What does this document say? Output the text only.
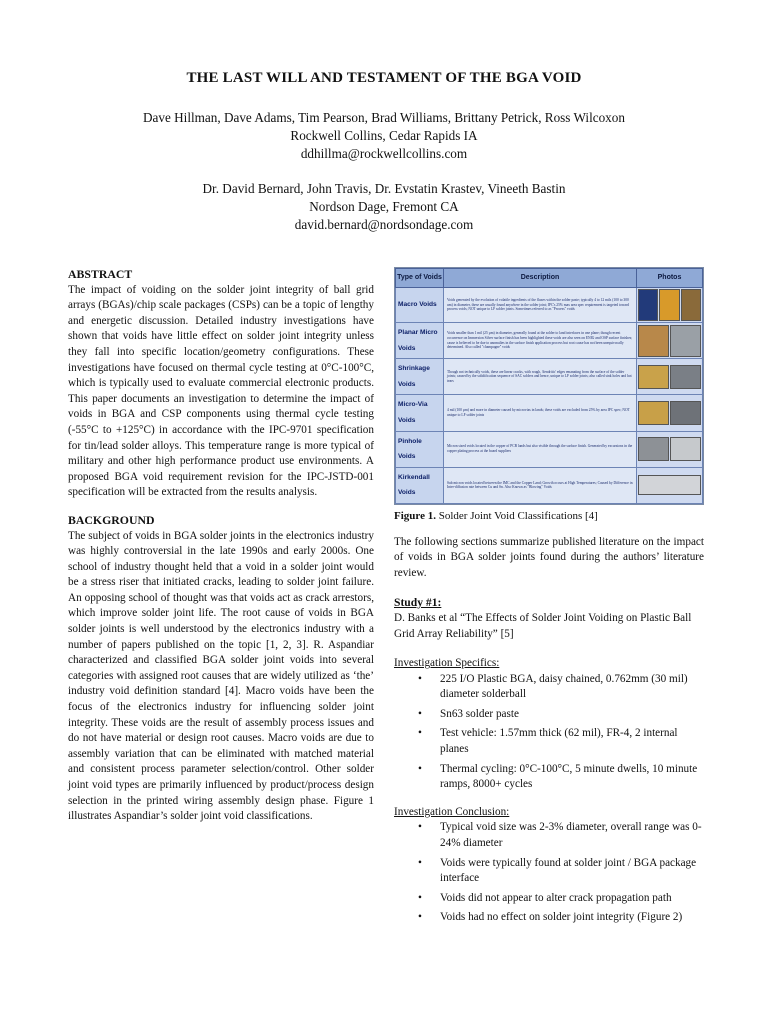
THE LAST WILL AND TESTAMENT OF THE BGA VOID
Dave Hillman, Dave Adams, Tim Pearson, Brad Williams, Brittany Petrick, Ross Wilcoxon
Rockwell Collins, Cedar Rapids IA
ddhillma@rockwellcollins.com
Dr. David Bernard, John Travis, Dr. Evstatin Krastev, Vineeth Bastin
Nordson Dage, Fremont CA
david.bernard@nordsondage.com
ABSTRACT
The impact of voiding on the solder joint integrity of ball grid arrays (BGAs)/chip scale packages (CSPs) can be a topic of lengthy and energetic discussion. Detailed industry investigations have shown that voids have little effect on solder joint integrity unless they fall into specific location/geometry configurations. These investigations have focused on thermal cycle testing at 0°C-100°C, which is typically used to evaluate commercial electronic products. This paper documents an investigation to determine the impact of voids in BGA and CSP components using thermal cycle testing (-55°C to +125°C) in accordance with the IPC-9701 specification for tin/lead solder alloys. This temperature range is more typical of military and other high performance product use environments. A proposed BGA void requirement revision for the IPC-JSTD-001 specification will be extracted from the results analysis.
BACKGROUND
The subject of voids in BGA solder joints in the electronics industry was highly controversial in the late 1990s and early 2000s. One school of industry thought held that a void in a solder joint would be a stress riser that initiated cracks, leading to solder joint failure. An opposing school of thought was that voids act as crack arrestors, which improve solder joint life. The root cause of voids in BGA solder joints is well understood by the electronics industry with a number of papers published on the topic [1, 2, 3]. R. Aspandiar characterized and classified BGA solder joint voids into several categories with assigned root causes that are widely utilized as ‘the’ industry void definition standard [4]. Macro voids have been the focus of the electronics industry for influencing solder joint integrity. These voids are the result of assembly process issues and do not have material or design root causes. Macro voids are due to assembly variation that can be eliminated with matched material and consistent process parameter selection/control. Other solder joint void types are primarily influenced by product/process design selection in the printed wiring assembly design phase. Figure 1 illustrates Aspandiar’s solder joint void classifications.
Type of Voids	Description	Photos
Macro Voids	Voids generated by the evolution of volatile ingredients of the fluxes within the solder paste; typically 4 to 12 mils (100 to 300 um) in diameter, these are usually found anywhere in the solder joint; IPC's 25% max area spec requirement is targeted toward process voids; NOT unique to LF solder joints. Sometimes referred to as "Process" voids	

Planar Micro Voids	Voids smaller than 1 mil (25 µm) in diameter, generally found at the solder to land interfaces in one plane; though recent occurrence on Immersion Silver surface finish has been highlighted these voids are also seen on ENIG and OSP surface finishes; cause is believed to be due to anomalies in the surface finish application process but root cause has not been unequivocally determined. Also called "champagne" voids	

Shrinkage Voids	Though not technically voids, these are linear cracks, with rough, 'dendritic' edges emanating from the surface of the solder joints; caused by the solidification sequence of SAC solders and hence, unique to LF solder joints; also called sink holes and hot tears	

Micro-Via Voids	4 mil (100 µm) and more in diameter caused by microvias in lands; these voids are excluded from 25% by area IPC spec; NOT unique to LF solder joints	

Pinhole Voids	Micron sized voids located in the copper of PCB lands but also visible through the surface finish. Generated by excursions in the copper plating process at the board suppliers	

Kirkendall Voids	Sub micron voids located between the IMC and the Copper Land; Growth occurs at High Temperatures; Caused by Difference in Inter-diffusion rate between Cu and Sn. Also Known as "Blowing" Voids	
Figure 1. Solder Joint Void Classifications [4]
The following sections summarize published literature on the impact of voids in BGA solder joints found during the authors’ literature review.
Study #1:
D. Banks et al “The Effects of Solder Joint Voiding on Plastic Ball Grid Array Reliability” [5]
Investigation Specifics:
• 225 I/O Plastic BGA, daisy chained, 0.762mm (30 mil) diameter solderball
• Sn63 solder paste
• Test vehicle: 1.57mm thick (62 mil), FR-4, 2 internal planes
• Thermal cycling: 0°C-100°C, 5 minute dwells, 10 minute ramps, 8000+ cycles
Investigation Conclusion:
• Typical void size was 2-3% diameter, overall range was 0-24% diameter
• Voids were typically found at solder joint / BGA package interface
• Voids did not appear to alter crack propagation path
• Voids had no effect on solder joint integrity (Figure 2)
